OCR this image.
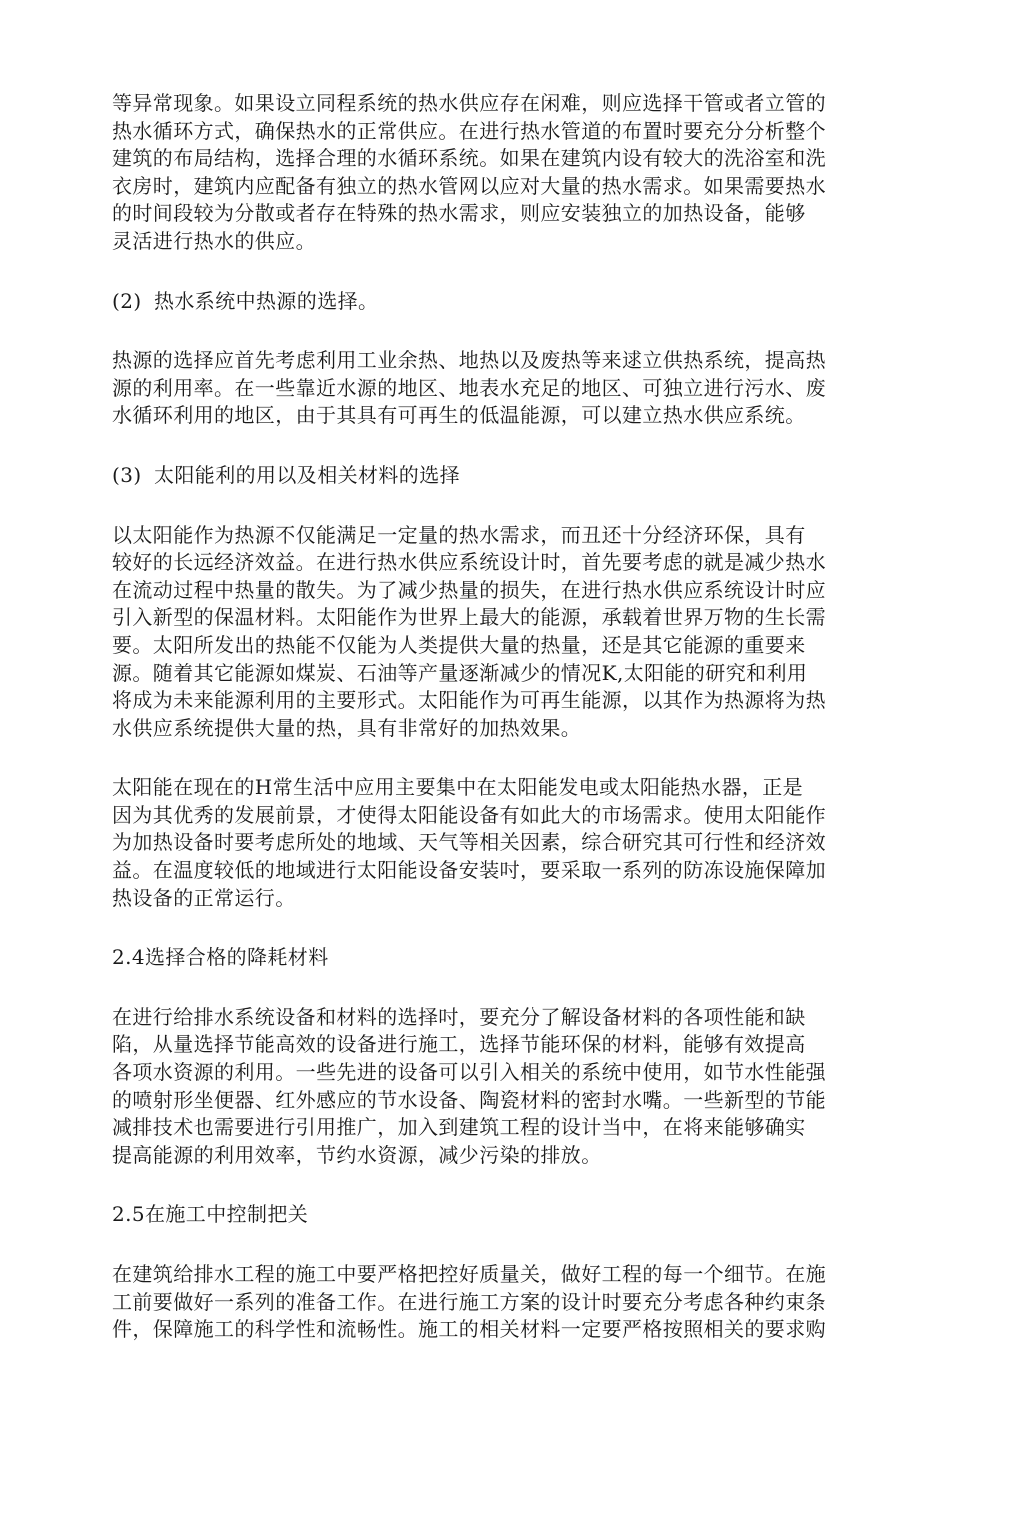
等异常现象。如果设立同程系统的热水供应存在闲难，则应选择干管或者立管的
热水循环方式，确保热水的正常供应。在进行热水管道的布置时要充分分析整个
建筑的布局结构，选择合理的水循环系统。如果在建筑内设有较大的洗浴室和洗
衣房时，建筑内应配备有独立的热水管网以应对大量的热水需求。如果需要热水
的时间段较为分散或者存在特殊的热水需求，则应安装独立的加热设备，能够
灵活进行热水的供应。
(2) 热水系统中热源的选择。
热源的选择应首先考虑利用工业余热、地热以及废热等来逑立供热系统，提高热
源的利用率。在一些靠近水源的地区、地表水充足的地区、可独立进行污水、废
水循环利用的地区，由于其具有可再生的低温能源，可以建立热水供应系统。
(3) 太阳能利的用以及相关材料的选择
以太阳能作为热源不仅能满足一定量的热水需求，而丑还十分经济环保，具有
较好的长远经济效益。在进行热水供应系统设计时，首先要考虑的就是减少热水
在流动过程中热量的散失。为了减少热量的损失，在进行热水供应系统设计时应
引入新型的保温材料。太阳能作为世界上最大的能源，承载着世界万物的生长需
要。太阳所发出的热能不仅能为人类提供大量的热量，还是其它能源的重要来
源。随着其它能源如煤炭、石油等产量逐渐减少的情况K,太阳能的研究和利用
将成为未来能源利用的主要形式。太阳能作为可再生能源，以其作为热源将为热
水供应系统提供大量的热，具有非常好的加热效果。
太阳能在现在的H常生活中应用主要集中在太阳能发电或太阳能热水器，正是
因为其优秀的发展前景，才使得太阳能设备有如此大的市场需求。使用太阳能作
为加热设备时要考虑所处的地域、天气等相关因素，综合研究其可行性和经济效
益。在温度较低的地域进行太阳能设备安装吋，要采取一系列的防冻设施保障加
热设备的正常运行。
2.4选择合格的降耗材料
在进行给排水系统设备和材料的选择吋，要充分了解设备材料的各项性能和缺
陷，从量选择节能高效的设备进行施工，选择节能环保的材料，能够有效提高
各项水资源的利用。一些先进的设备可以引入相关的系统中使用，如节水性能强
的喷射形坐便器、红外感应的节水设备、陶瓷材料的密封水嘴。一些新型的节能
减排技术也需要进行引用推广，加入到建筑工程的设计当中，在将来能够确实
提高能源的利用效率，节约水资源，减少污染的排放。
2.5在施工中控制把关
在建筑给排水工程的施工中要严格把控好质量关，做好工程的每一个细节。在施
工前要做好一系列的准备工作。在进行施工方案的设计时要充分考虑各种约束条
件，保障施工的科学性和流畅性。施工的相关材料一定要严格按照相关的要求购
